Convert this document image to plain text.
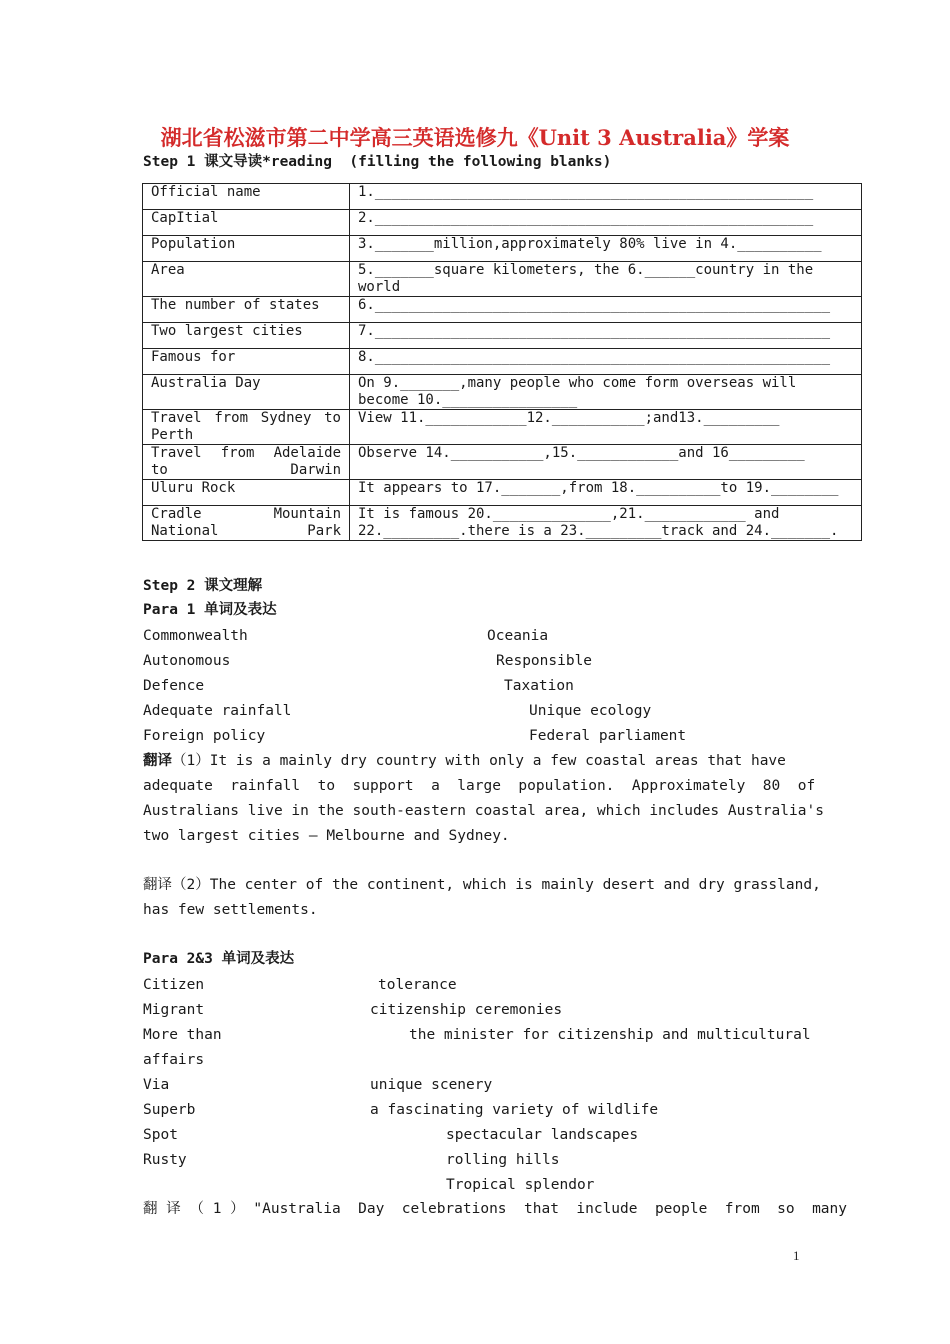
湖北省松滋市第二中学高三英语选修九《Unit 3 Australia》学案
Step 1 课文导读*reading  (filling the following blanks)
Official name	1.____________________________________________________
CapItial	2.____________________________________________________
Population	3._______million,approximately 80% live in 4.__________
Area	5._______square kilometers, the 6.______country in the world
The number of states	6.______________________________________________________
Two largest cities	7.______________________________________________________
Famous for	8.______________________________________________________
Australia Day	On 9._______,many people who come form overseas will become 10.________________
Travel from Sydney to Perth	View 11.____________12.___________;and13._________
Travel from Adelaide to Darwin	Observe 14.___________,15.____________and 16_________
Uluru Rock	It appears to 17._______,from 18.__________to 19.________
Cradle Mountain National Park	It is famous 20.______________,21.____________ and 22._________.there is a 23._________track and 24._______.
Step 2 课文理解
Para 1 单词及表达
Commonwealth	Oceania
Autonomous	Responsible
Defence	Taxation
Adequate rainfall	Unique ecology
Foreign policy	Federal parliament
翻译（1）It is a mainly dry country with only a few coastal areas that have
adequate  rainfall  to  support  a  large  population.  Approximately  80  of
Australians live in the south-eastern coastal area, which includes Australia's
two largest cities – Melbourne and Sydney.
翻译（2）The center of the continent, which is mainly desert and dry grassland,
has few settlements.
Para 2&3 单词及表达
Citizen	tolerance
Migrant	citizenship ceremonies
More than	the minister for citizenship and multicultural
affairs
Via	unique scenery
Superb	a fascinating variety of wildlife
Spot	spectacular landscapes
Rusty	rolling hills
Tropical splendor
翻 译 （ 1 ） "Australia  Day  celebrations  that  include  people  from  so  many
1
